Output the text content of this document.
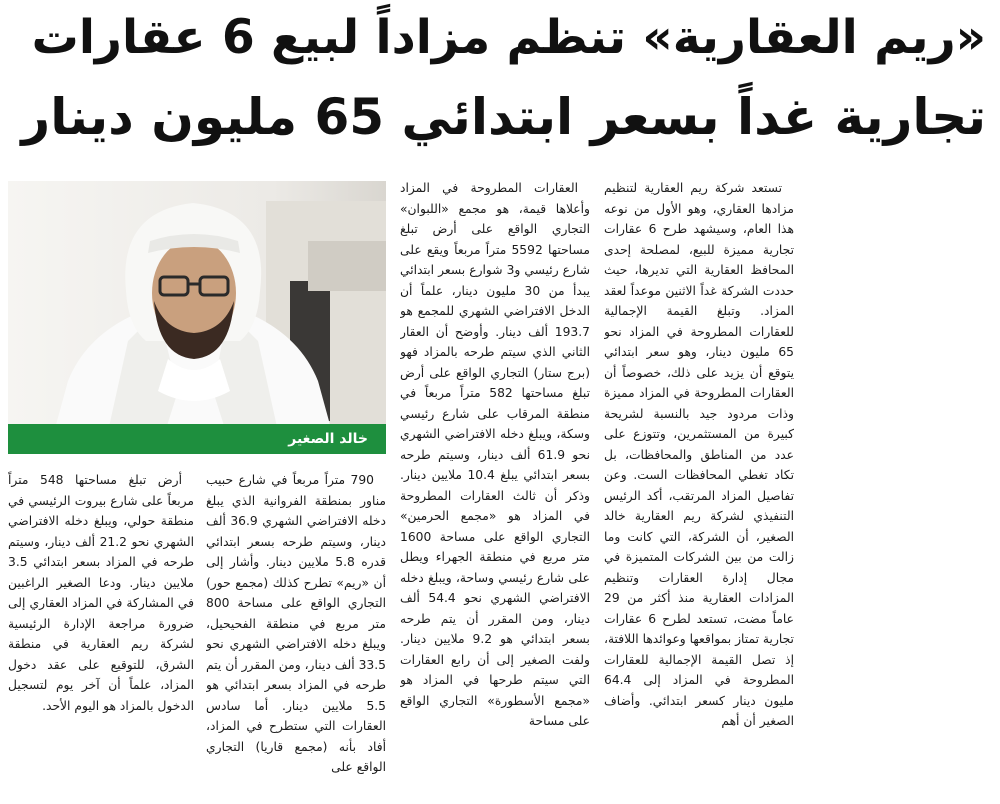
«ريم العقارية» تنظم مزاداً لبيع 6 عقارات
تجارية غداً بسعر ابتدائي 65 مليون دينار

تستعد شركة ريم العقارية لتنظيم مزادها العقاري، وهو الأول من نوعه هذا العام، وسيشهد طرح 6 عقارات تجارية مميزة للبيع، لمصلحة إحدى المحافظ العقارية التي تديرها، حيث حددت الشركة غداً الاثنين موعداً لعقد المزاد. وتبلغ القيمة الإجمالية للعقارات المطروحة في المزاد نحو 65 مليون دينار، وهو سعر ابتدائي يتوقع أن يزيد على ذلك، خصوصاً أن العقارات المطروحة في المزاد مميزة وذات مردود جيد بالنسبة لشريحة كبيرة من المستثمرين، وتتوزع على عدد من المناطق والمحافظات، بل تكاد تغطي المحافظات الست. وعن تفاصيل المزاد المرتقب، أكد الرئيس التنفيذي لشركة ريم العقارية خالد الصغير، أن الشركة، التي كانت وما زالت من بين الشركات المتميزة في مجال إدارة العقارات وتنظيم المزادات العقارية منذ أكثر من 29 عاماً مضت، تستعد لطرح 6 عقارات تجارية تمتاز بمواقعها وعوائدها اللافتة، إذ تصل القيمة الإجمالية للعقارات المطروحة في المزاد إلى 64.4 مليون دينار كسعر ابتدائي. وأضاف الصغير أن أهم

العقارات المطروحة في المزاد وأعلاها قيمة، هو مجمع «اللبوان» التجاري الواقع على أرض تبلغ مساحتها 5592 متراً مربعاً ويقع على شارع رئيسي و3 شوارع بسعر ابتدائي يبدأ من 30 مليون دينار، علماً أن الدخل الافتراضي الشهري للمجمع هو 193.7 ألف دينار. وأوضح أن العقار الثاني الذي سيتم طرحه بالمزاد فهو (برج ستار) التجاري الواقع على أرض تبلغ مساحتها 582 متراً مربعاً في منطقة المرقاب على شارع رئيسي وسكة، ويبلغ دخله الافتراضي الشهري نحو 61.9 ألف دينار، وسيتم طرحه بسعر ابتدائي يبلغ 10.4 ملايين دينار. وذكر أن ثالث العقارات المطروحة في المزاد هو «مجمع الحرمين» التجاري الواقع على مساحة 1600 متر مربع في منطقة الجهراء ويطل على شارع رئيسي وساحة، ويبلغ دخله الافتراضي الشهري نحو 54.4 ألف دينار، ومن المقرر أن يتم طرحه بسعر ابتدائي هو 9.2 ملايين دينار. ولفت الصغير إلى أن رابع العقارات التي سيتم طرحها في المزاد هو «مجمع الأسطورة» التجاري الواقع على مساحة

خالد الصغير

790 متراً مربعاً في شارع حبيب مناور بمنطقة الفروانية الذي يبلغ دخله الافتراضي الشهري 36.9 ألف دينار، وسيتم طرحه بسعر ابتدائي قدره 5.8 ملايين دينار. وأشار إلى أن «ريم» تطرح كذلك (مجمع حور) التجاري الواقع على مساحة 800 متر مربع في منطقة الفحيحيل، ويبلغ دخله الافتراضي الشهري نحو 33.5 ألف دينار، ومن المقرر أن يتم طرحه في المزاد بسعر ابتدائي هو 5.5 ملايين دينار. أما سادس العقارات التي ستطرح في المزاد، أفاد بأنه (مجمع قاريا) التجاري الواقع على

أرض تبلغ مساحتها 548 متراً مربعاً على شارع بيروت الرئيسي في منطقة حولي، ويبلغ دخله الافتراضي الشهري نحو 21.2 ألف دينار، وسيتم طرحه في المزاد بسعر ابتدائي 3.5 ملايين دينار. ودعا الصغير الراغبين في المشاركة في المزاد العقاري إلى ضرورة مراجعة الإدارة الرئيسية لشركة ريم العقارية في منطقة الشرق، للتوقيع على عقد دخول المزاد، علماً أن آخر يوم لتسجيل الدخول بالمزاد هو اليوم الأحد.
